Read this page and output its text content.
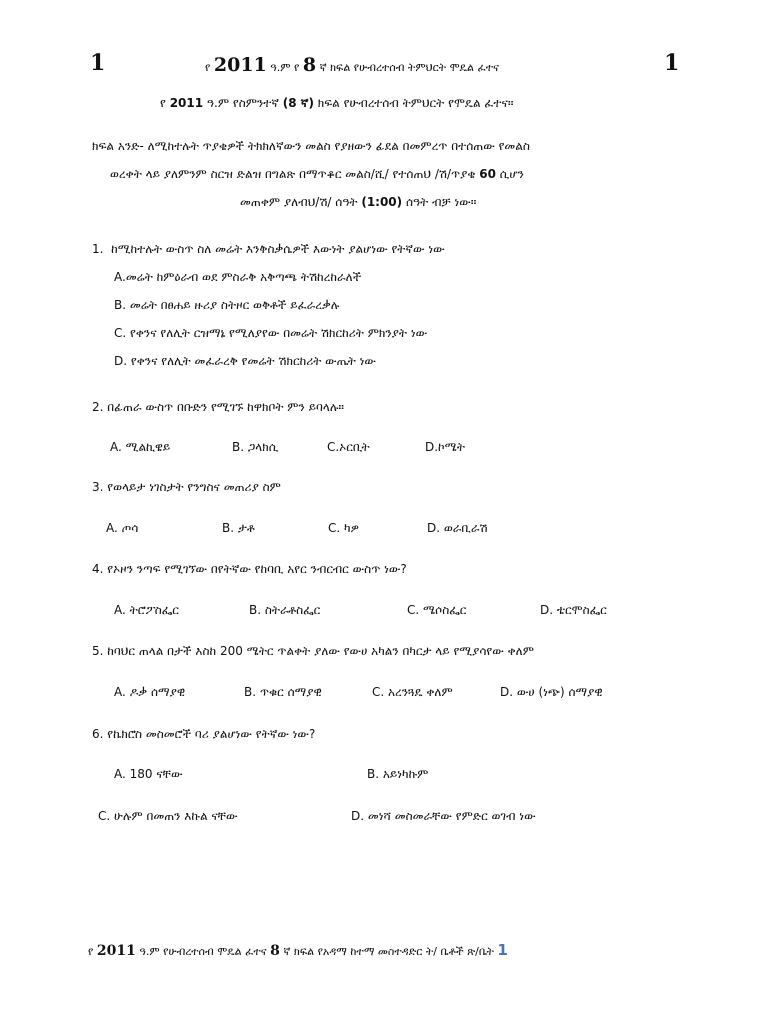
1	የ 2011 ዓ.ም የ 8 ኛ ክፍል የሁብረተሰብ ትምህርት ሞዴል ፈተና	1
የ 2011 ዓ.ም የስምንተኛ (8 ኛ) ክፍል የሁብረተሰብ ትምህርት የሞዴል ፈተና።
ክፍል አንድ- ለሚከተሉት ጥያቄዎች ትክክለኛውን መልስ የያዘውን ፊደል በመምረጥ በተሰጠው የመልስ
ወረቀት ላይ ያለምንም ስርዝ ድልዝ በግልጽ በማጥቆር መልስ/ሺ/ የተሰጠህ /ሽ/ጥያቄ 60 ሲሆን
መጠቀም ያለብህ/ሽ/ ሰዓት (1:00) ሰዓት ብቻ ነው።
1. ከሚከተሉት ውስጥ ስለ መሬት እንቅስቃሴዎች እውነት ያልሆነው የትኛው ነው
A.መሬት ከምዕራብ ወደ ምስራቅ አቅጣጫ ትሽከረከራለች
B. መሬት በፀሐይ ዙሪያ ስትዞር ወቅቶች ይፈራረቃሉ
C. የቀንና የለሊት ርዝማኔ የሚለያየው በመሬት ሽክርከሪት ምክንያት ነው
D. የቀንና የለሊት መፈራረቅ የመሬት ሽክርከሪት ውጤት ነው
2. በፊጠራ ውስጥ በቡድን የሚገኙ ከዋክቦት ምን ይባላሉ።
A. ሚልኪዌይ	B. ጋላክሲ	C.ኦርቢት	D.ኮሜት
3. የወላይታ ነገስታት የንግስና መጠሪያ ስም
A. ጦሳ	B. ታቶ	C. ካዎ	D. ወራቢራሽ
4. የኦዞን ንጣፍ የሚገኘው በየትኛው የከባቢ አየር ንብርብር ውስጥ ነው?
A. ትሮፖስፌር	B. ስትራቶስፌር	C. ሜሶስፌር	D. ቴርሞስፌር
5. ከባህር ጠላል በታች እስከ 200 ሜትር ጥልቀት ያለው የውሀ አካልን በካርታ ላይ የሚያሳየው ቀለም
A. ዶቃ ሰማያዊ	B. ጥቁር ሰማያዊ	C. አረንጓዴ ቀለም	D. ውሀ (ነጭ) ሰማያዊ
6. የኬክሮስ መስመሮች ባሪ ያልሆነው የትኛው ነው?
A. 180 ናቸው	B. አይነካኩም
C. ሁሉም በመጠን እኩል ናቸው	D. መነሻ መስመራቸው የምድር ወገብ ነው
የ 2011 ዓ.ም የሁብረተሰብ ሞዴል ፈተና 8 ኛ ክፍል የአዳማ ከተማ መስተዳድር ት/ ቤቶች ጽ/ቤት 1
